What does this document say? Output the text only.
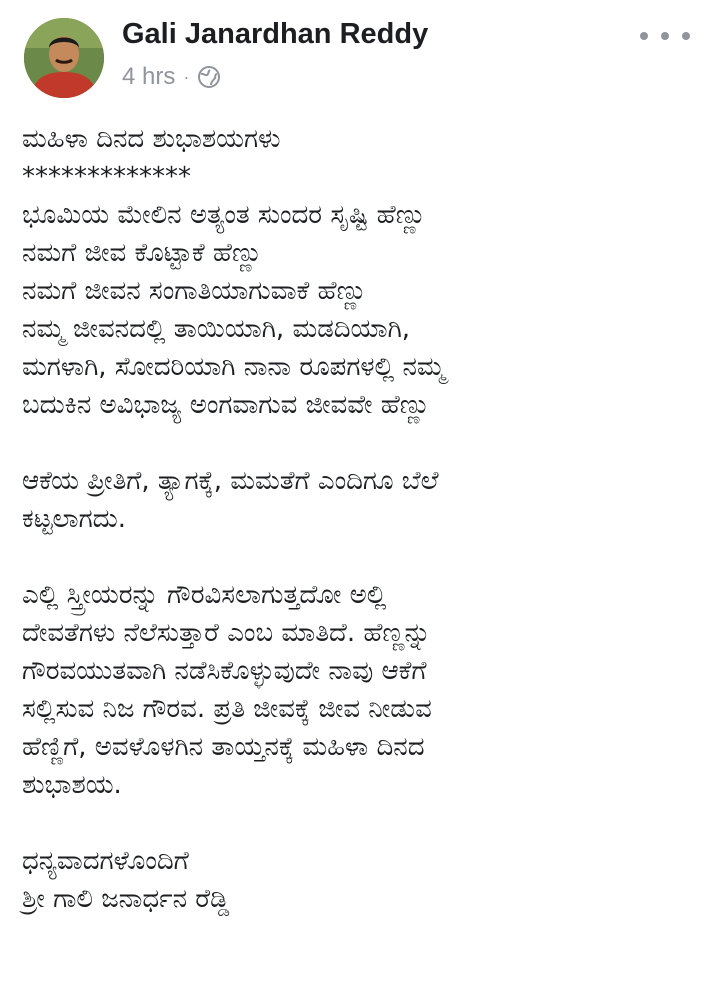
Gali Janardhan Reddy
4 hrs ·

ಮಹಿಳಾ ದಿನದ ಶುಭಾಶಯಗಳು

*************

ಭೂಮಿಯ ಮೇಲಿನ ಅತ್ಯಂತ ಸುಂದರ ಸೃಷ್ಟಿ ಹೆಣ್ಣು

ನಮಗೆ ಜೀವ ಕೊಟ್ಟಾಕೆ ಹೆಣ್ಣು

ನಮಗೆ ಜೀವನ ಸಂಗಾತಿಯಾಗುವಾಕೆ ಹೆಣ್ಣು

ನಮ್ಮ ಜೀವನದಲ್ಲಿ ತಾಯಿಯಾಗಿ, ಮಡದಿಯಾಗಿ,

ಮಗಳಾಗಿ, ಸೋದರಿಯಾಗಿ ನಾನಾ ರೂಪಗಳಲ್ಲಿ ನಮ್ಮ

ಬದುಕಿನ ಅವಿಭಾಜ್ಯ ಅಂಗವಾಗುವ ಜೀವವೇ ಹೆಣ್ಣು

ಆಕೆಯ ಪ್ರೀತಿಗೆ, ತ್ಯಾಗಕ್ಕೆ, ಮಮತೆಗೆ ಎಂದಿಗೂ ಬೆಲೆ

ಕಟ್ಟಲಾಗದು.

ಎಲ್ಲಿ ಸ್ತ್ರೀಯರನ್ನು ಗೌರವಿಸಲಾಗುತ್ತದೋ ಅಲ್ಲಿ

ದೇವತೆಗಳು ನೆಲೆಸುತ್ತಾರೆ ಎಂಬ ಮಾತಿದೆ. ಹೆಣ್ಣನ್ನು

ಗೌರವಯುತವಾಗಿ ನಡೆಸಿಕೊಳ್ಳುವುದೇ ನಾವು ಆಕೆಗೆ

ಸಲ್ಲಿಸುವ ನಿಜ ಗೌರವ. ಪ್ರತಿ ಜೀವಕ್ಕೆ ಜೀವ ನೀಡುವ

ಹೆಣ್ಣಿಗೆ, ಅವಳೊಳಗಿನ ತಾಯ್ತನಕ್ಕೆ ಮಹಿಳಾ ದಿನದ

ಶುಭಾಶಯ.

ಧನ್ಯವಾದಗಳೊಂದಿಗೆ

ಶ್ರೀ ಗಾಲಿ ಜನಾರ್ಧನ ರೆಡ್ಡಿ
